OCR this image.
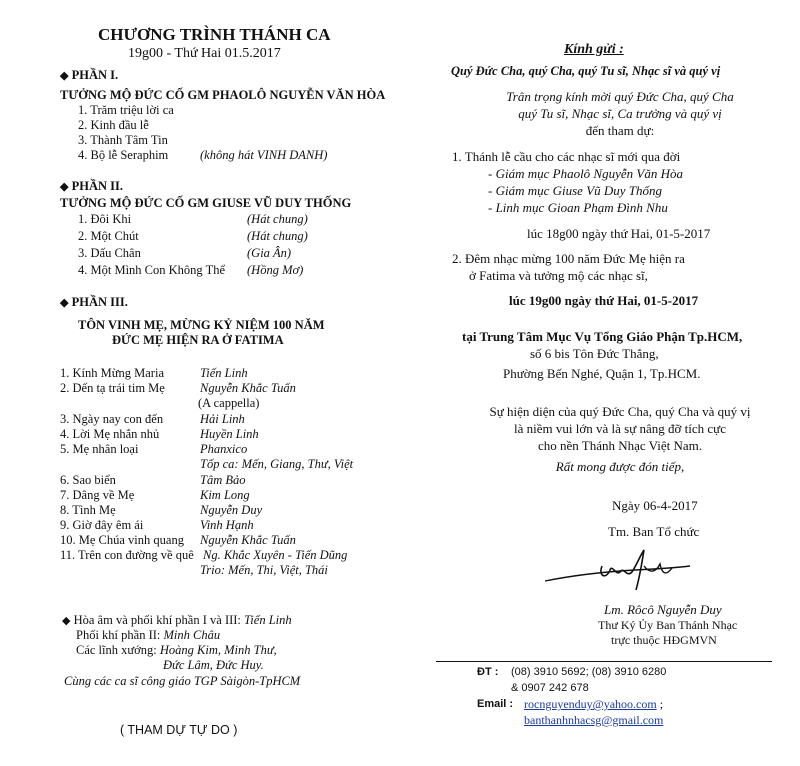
CHƯƠNG TRÌNH THÁNH CA
19g00 - Thứ Hai 01.5.2017
◆ PHẦN I.
TƯỞNG MỘ ĐỨC CỐ GM PHAOLÔ NGUYỄN VĂN HÒA
1. Trăm triệu lời ca
2. Kinh đầu lễ
3. Thành Tâm Tin
4. Bộ lễ Seraphim	(không hát VINH DANH)
◆ PHẦN II.
TƯỞNG MỘ ĐỨC CỐ GM GIUSE VŨ DUY THỐNG
1. Đôi Khi	(Hát chung)
2. Một Chút	(Hát chung)
3. Dấu Chân	(Gia Ân)
4. Một Mình Con Không Thể (Hồng Mơ)
◆ PHẦN III.
TÔN VINH MẸ, MỪNG KỶ NIỆM 100 NĂM
ĐỨC MẸ HIỆN RA Ở FATIMA
1. Kính Mừng Maria	Tiến Linh
2. Dến tạ trái tim Mẹ	Nguyễn Khắc Tuấn
(A cappella)
3. Ngày nay con đến	Hải Linh
4. Lời Mẹ nhắn nhủ	Huyền Linh
5. Mẹ nhân loại	Phanxico
Tốp ca: Mến, Giang, Thư, Việt
6. Sao biển	Tâm Bảo
7. Dâng về Mẹ	Kim Long
8. Tình Mẹ	Nguyễn Duy
9. Giờ đây êm ái	Vinh Hạnh
10. Mẹ Chúa vinh quang Nguyễn Khắc Tuấn
11. Trên con đường về quê Ng. Khắc Xuyên - Tiến Dũng
Trio: Mến, Thi, Việt, Thái
◆ Hòa âm và phối khí phần I và III: Tiến Linh
Phối khí phần II: Minh Châu
Các lĩnh xướng: Hoàng Kim, Minh Thư,
Đức Lâm, Đức Huy.
Cùng các ca sĩ công giáo TGP Sàigòn-TpHCM
( THAM DỰ TỰ DO )
Kính gửi :
Quý Đức Cha, quý Cha, quý Tu sĩ, Nhạc sĩ và quý vị
Trân trọng kính mời quý Đức Cha, quý Cha
quý Tu sĩ, Nhạc sĩ, Ca trưởng và quý vị
đến tham dự:
1. Thánh lễ cầu cho các nhạc sĩ mới qua đời
- Giám mục Phaolô Nguyễn Văn Hòa
- Giám mục Giuse Vũ Duy Thống
- Linh mục Gioan Phạm Đình Nhu
lúc 18g00 ngày thứ Hai, 01-5-2017
2. Đêm nhạc mừng 100 năm Đức Mẹ hiện ra
ở Fatima và tưởng mộ các nhạc sĩ,
lúc 19g00 ngày thứ Hai, 01-5-2017
tại Trung Tâm Mục Vụ Tổng Giáo Phận Tp.HCM,
số 6 bis Tôn Đức Thắng,
Phường Bến Nghé, Quận 1, Tp.HCM.
Sự hiện diện của quý Đức Cha, quý Cha và quý vị
là niềm vui lớn và là sự nâng đỡ tích cực
cho nền Thánh Nhạc Việt Nam.
Rất mong được đón tiếp,
Ngày 06-4-2017
Tm. Ban Tổ chức
Lm. Rôcô Nguyễn Duy
Thư Ký Ủy Ban Thánh Nhạc
trực thuộc HĐGMVN
ĐT : (08) 3910 5692; (08) 3910 6280
& 0907 242 678
Email : rocnguyenduy@yahoo.com ;
banthanhnhacsg@gmail.com
